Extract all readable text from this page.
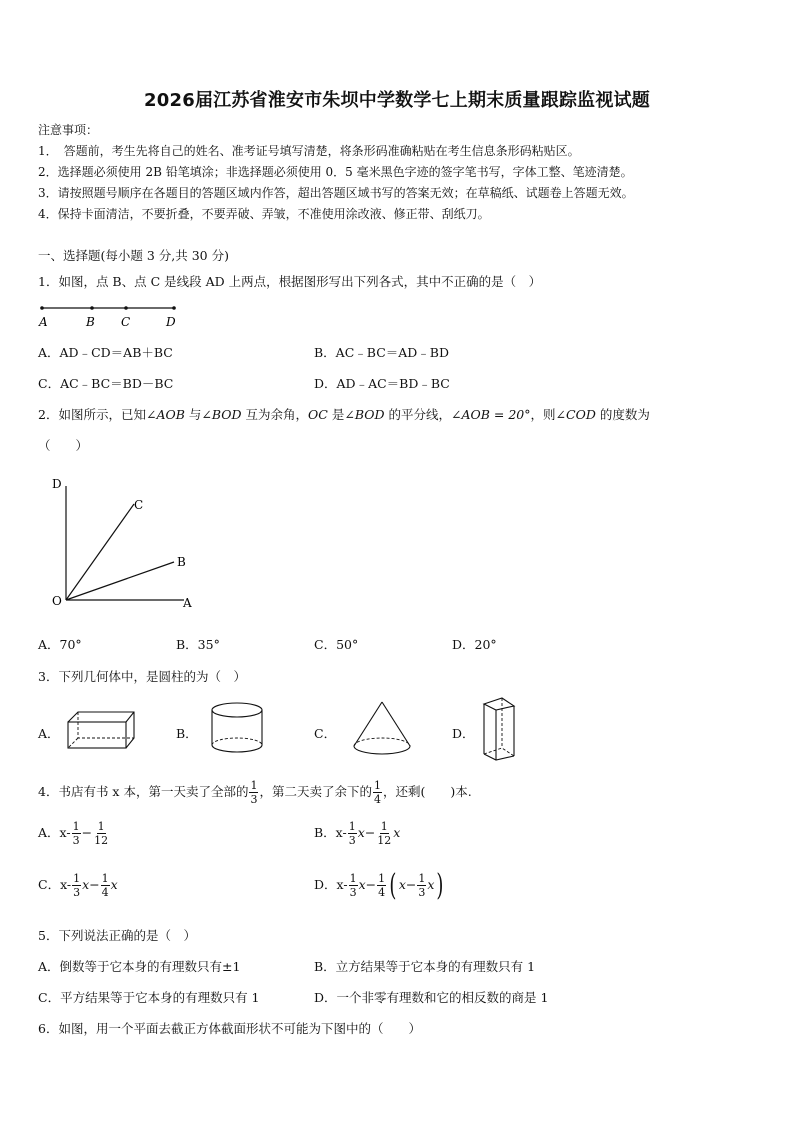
2026届江苏省淮安市朱坝中学数学七上期末质量跟踪监视试题
注意事项：
1．　答题前，考生先将自己的姓名、准考证号填写清楚，将条形码准确粘贴在考生信息条形码粘贴区。
2．选择题必须使用 2B 铅笔填涂；非选择题必须使用 0．5 毫米黑色字迹的签字笔书写，字体工整、笔迹清楚。
3．请按照题号顺序在各题目的答题区域内作答，超出答题区域书写的答案无效；在草稿纸、试题卷上答题无效。
4．保持卡面清洁，不要折叠，不要弄破、弄皱，不准使用涂改液、修正带、刮纸刀。
一、选择题(每小题 3 分,共 30 分)
1．如图，点 B、点 C 是线段 AD 上两点，根据图形写出下列各式，其中不正确的是（　）
A	B C	D
A．AD﹣CD＝AB＋BC	B．AC﹣BC＝AD﹣BD
C．AC﹣BC＝BD－BC	D．AD﹣AC＝BD﹣BC
2．如图所示，已知∠AOB 与∠BOD 互为余角，OC 是∠BOD 的平分线，∠AOB = 20°，则∠COD 的度数为
（　　）
D
C
B
O	A
A．70°	B．35°	C．50°	D．20°
3．下列几何体中，是圆柱的为（　）
A．	B．	C．	D．
4．书店有书 x 本，第一天卖了全部的 $\frac{1}{3}$ ，第二天卖了余下的 $\frac{1}{4}$ ，还剩(　　)本.
A．$x- \frac{1}{3} - \frac{1}{12}$	B．$x- \frac{1}{3} x- \frac{1}{12}$ x
C．$x- \frac{1}{3} x- \frac{1}{4}$ x	D．$x- \frac{1}{3} x- \frac{1}{4}$ ( $x- \frac{1}{3} x$)
5．下列说法正确的是（　）
A．倒数等于它本身的有理数只有±1	B．立方结果等于它本身的有理数只有 1
C．平方结果等于它本身的有理数只有 1	D．一个非零有理数和它的相反数的商是 1
6．如图，用一个平面去截正方体截面形状不可能为下图中的（　　）
